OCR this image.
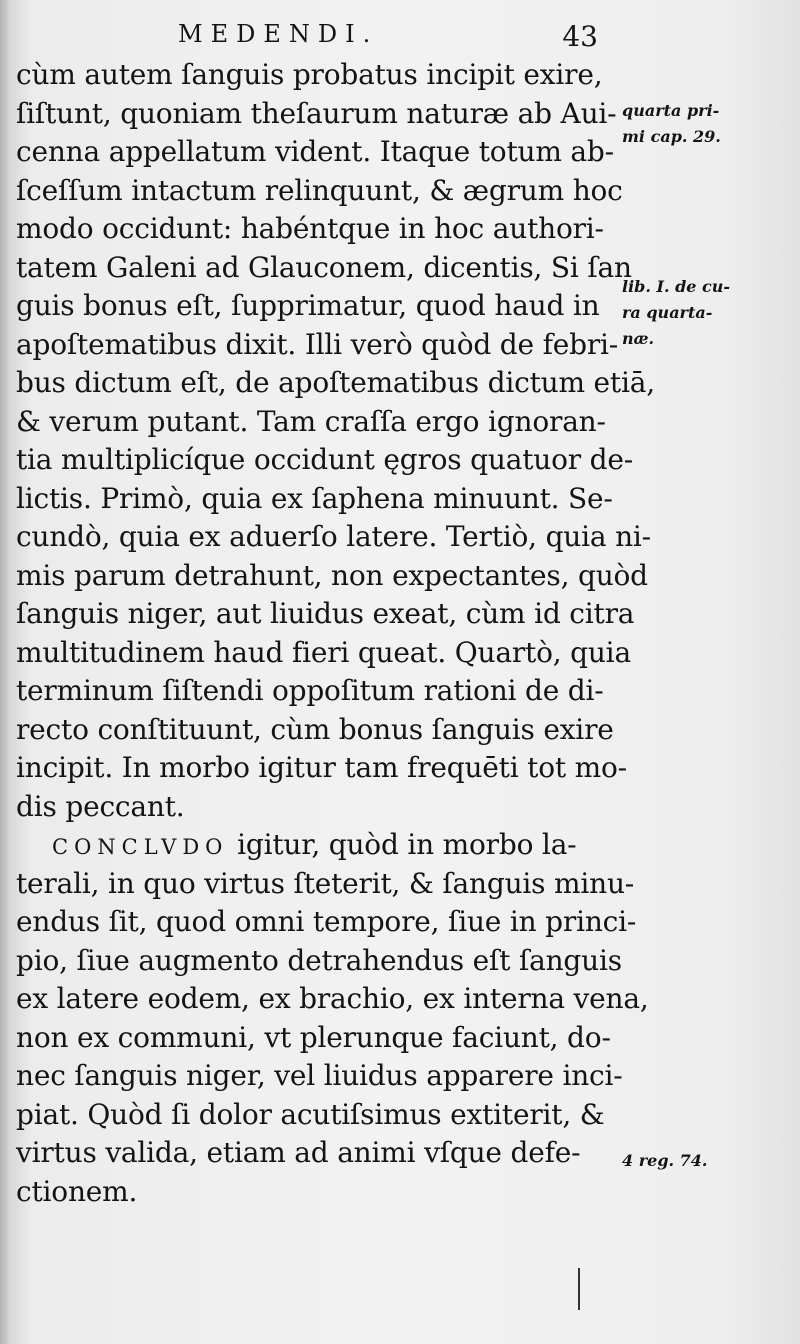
MEDENDI.	43
cùm autem ſanguis probatus incipit exire,
ſiſtunt, quoniam theſaurum naturæ ab Aui-
cenna appellatum vident. Itaque totum ab-
ſceſſum intactum relinquunt, & ægrum hoc
modo occidunt: habéntque in hoc authori-
tatem Galeni ad Glauconem, dicentis, Si ſan
guis bonus eſt, ſupprimatur, quod haud in
apoſtematibus dixit. Illi verò quòd de febri-
bus dictum eſt, de apoſtematibus dictum etiā,
& verum putant. Tam craſſa ergo ignoran-
tia multiplicíque occidunt ęgros quatuor de-
lictis. Primò, quia ex ſaphena minuunt. Se-
cundò, quia ex aduerſo latere. Tertiò, quia ni-
mis parum detrahunt, non expectantes, quòd
ſanguis niger, aut liuidus exeat, cùm id citra
multitudinem haud fieri queat. Quartò, quia
terminum ſiſtendi oppoſitum rationi de di-
recto conſtituunt, cùm bonus ſanguis exire
incipit. In morbo igitur tam frequēti tot mo-
dis peccant.
CONCLVDO igitur, quòd in morbo la-
terali, in quo virtus ſteterit, & ſanguis minu-
endus ſit, quod omni tempore, ſiue in princi-
pio, ſiue augmento detrahendus eſt ſanguis
ex latere eodem, ex brachio, ex interna vena,
non ex communi, vt plerunque faciunt, do-
nec ſanguis niger, vel liuidus apparere inci-
piat. Quòd ſi dolor acutiſsimus extiterit, &
virtus valida, etiam ad animi vſque defe-
ctionem.
quarta pri-
mi cap. 29.
lib. I. de cu-
ra quarta-
næ.
4 reg. 74.
